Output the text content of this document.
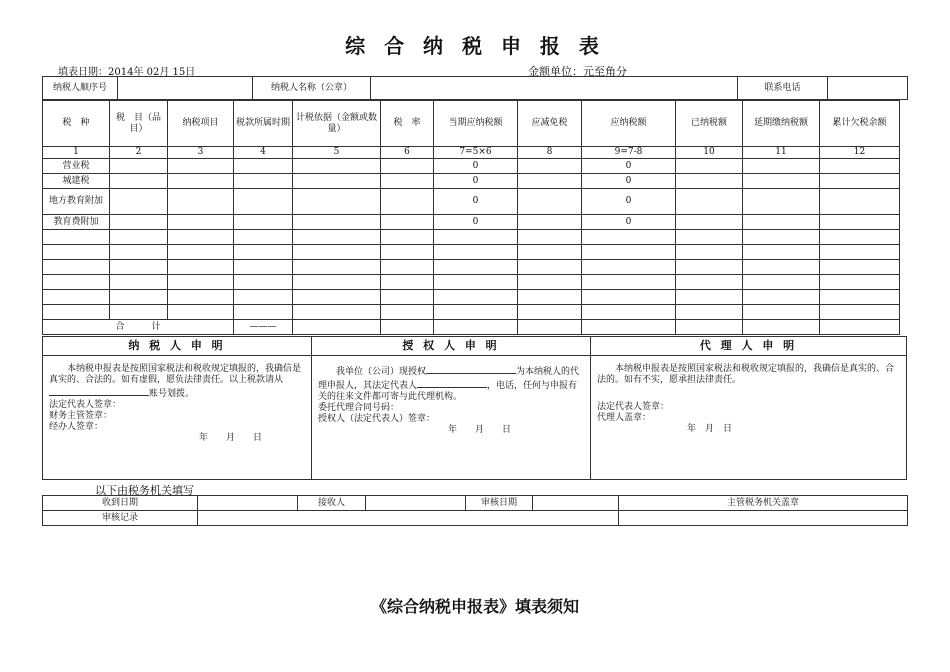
综 合 纳 税 申 报 表
填表日期：2014年 02月 15日	金额单位：元至角分
纳税人顺序号		纳税人名称（公章）		联系电话	
税　种	税　目（品目）	纳税项目	税款所属时期	计税依据（金额或数量）	税　率	当期应纳税额	应减免税	应纳税额	已纳税额	延期缴纳税额	累计欠税余额
1	2	3	4	5	6	7=5×6	8	9=7-8	10	11	12
营业税						0		0			
城建税						0		0			
地方教育附加						0		0			
教育费附加						0		0			

合　　　计			———								
纳 税 人 申 明

本纳税申报表是按照国家税法和税收规定填报的，我确信是真实的、合法的。如有虚假，愿负法律责任。以上税款请从账号划拨。

法定代表人签章：

财务主管签章：

经办人签章：

年　　月　　日

授 权 人 申 明

我单位（公司）现授权	为本纳税人的代理申报人，其法定代表人	，电话，任何与申报有关的往来文件都可寄与此代理机构。

委托代理合同号码：

授权人（法定代表人）签章：

年　　月　　日

代 理 人 申 明

本纳税申报表是按照国家税法和税收规定填报的，我确信是真实的、合法的。如有不实，愿承担法律责任。

法定代表人签章：

代理人盖章：

年　月　日

以下由税务机关填写
收到日期		接收人		审核日期		主管税务机关盖章
审核记录						
《综合纳税申报表》填表须知
